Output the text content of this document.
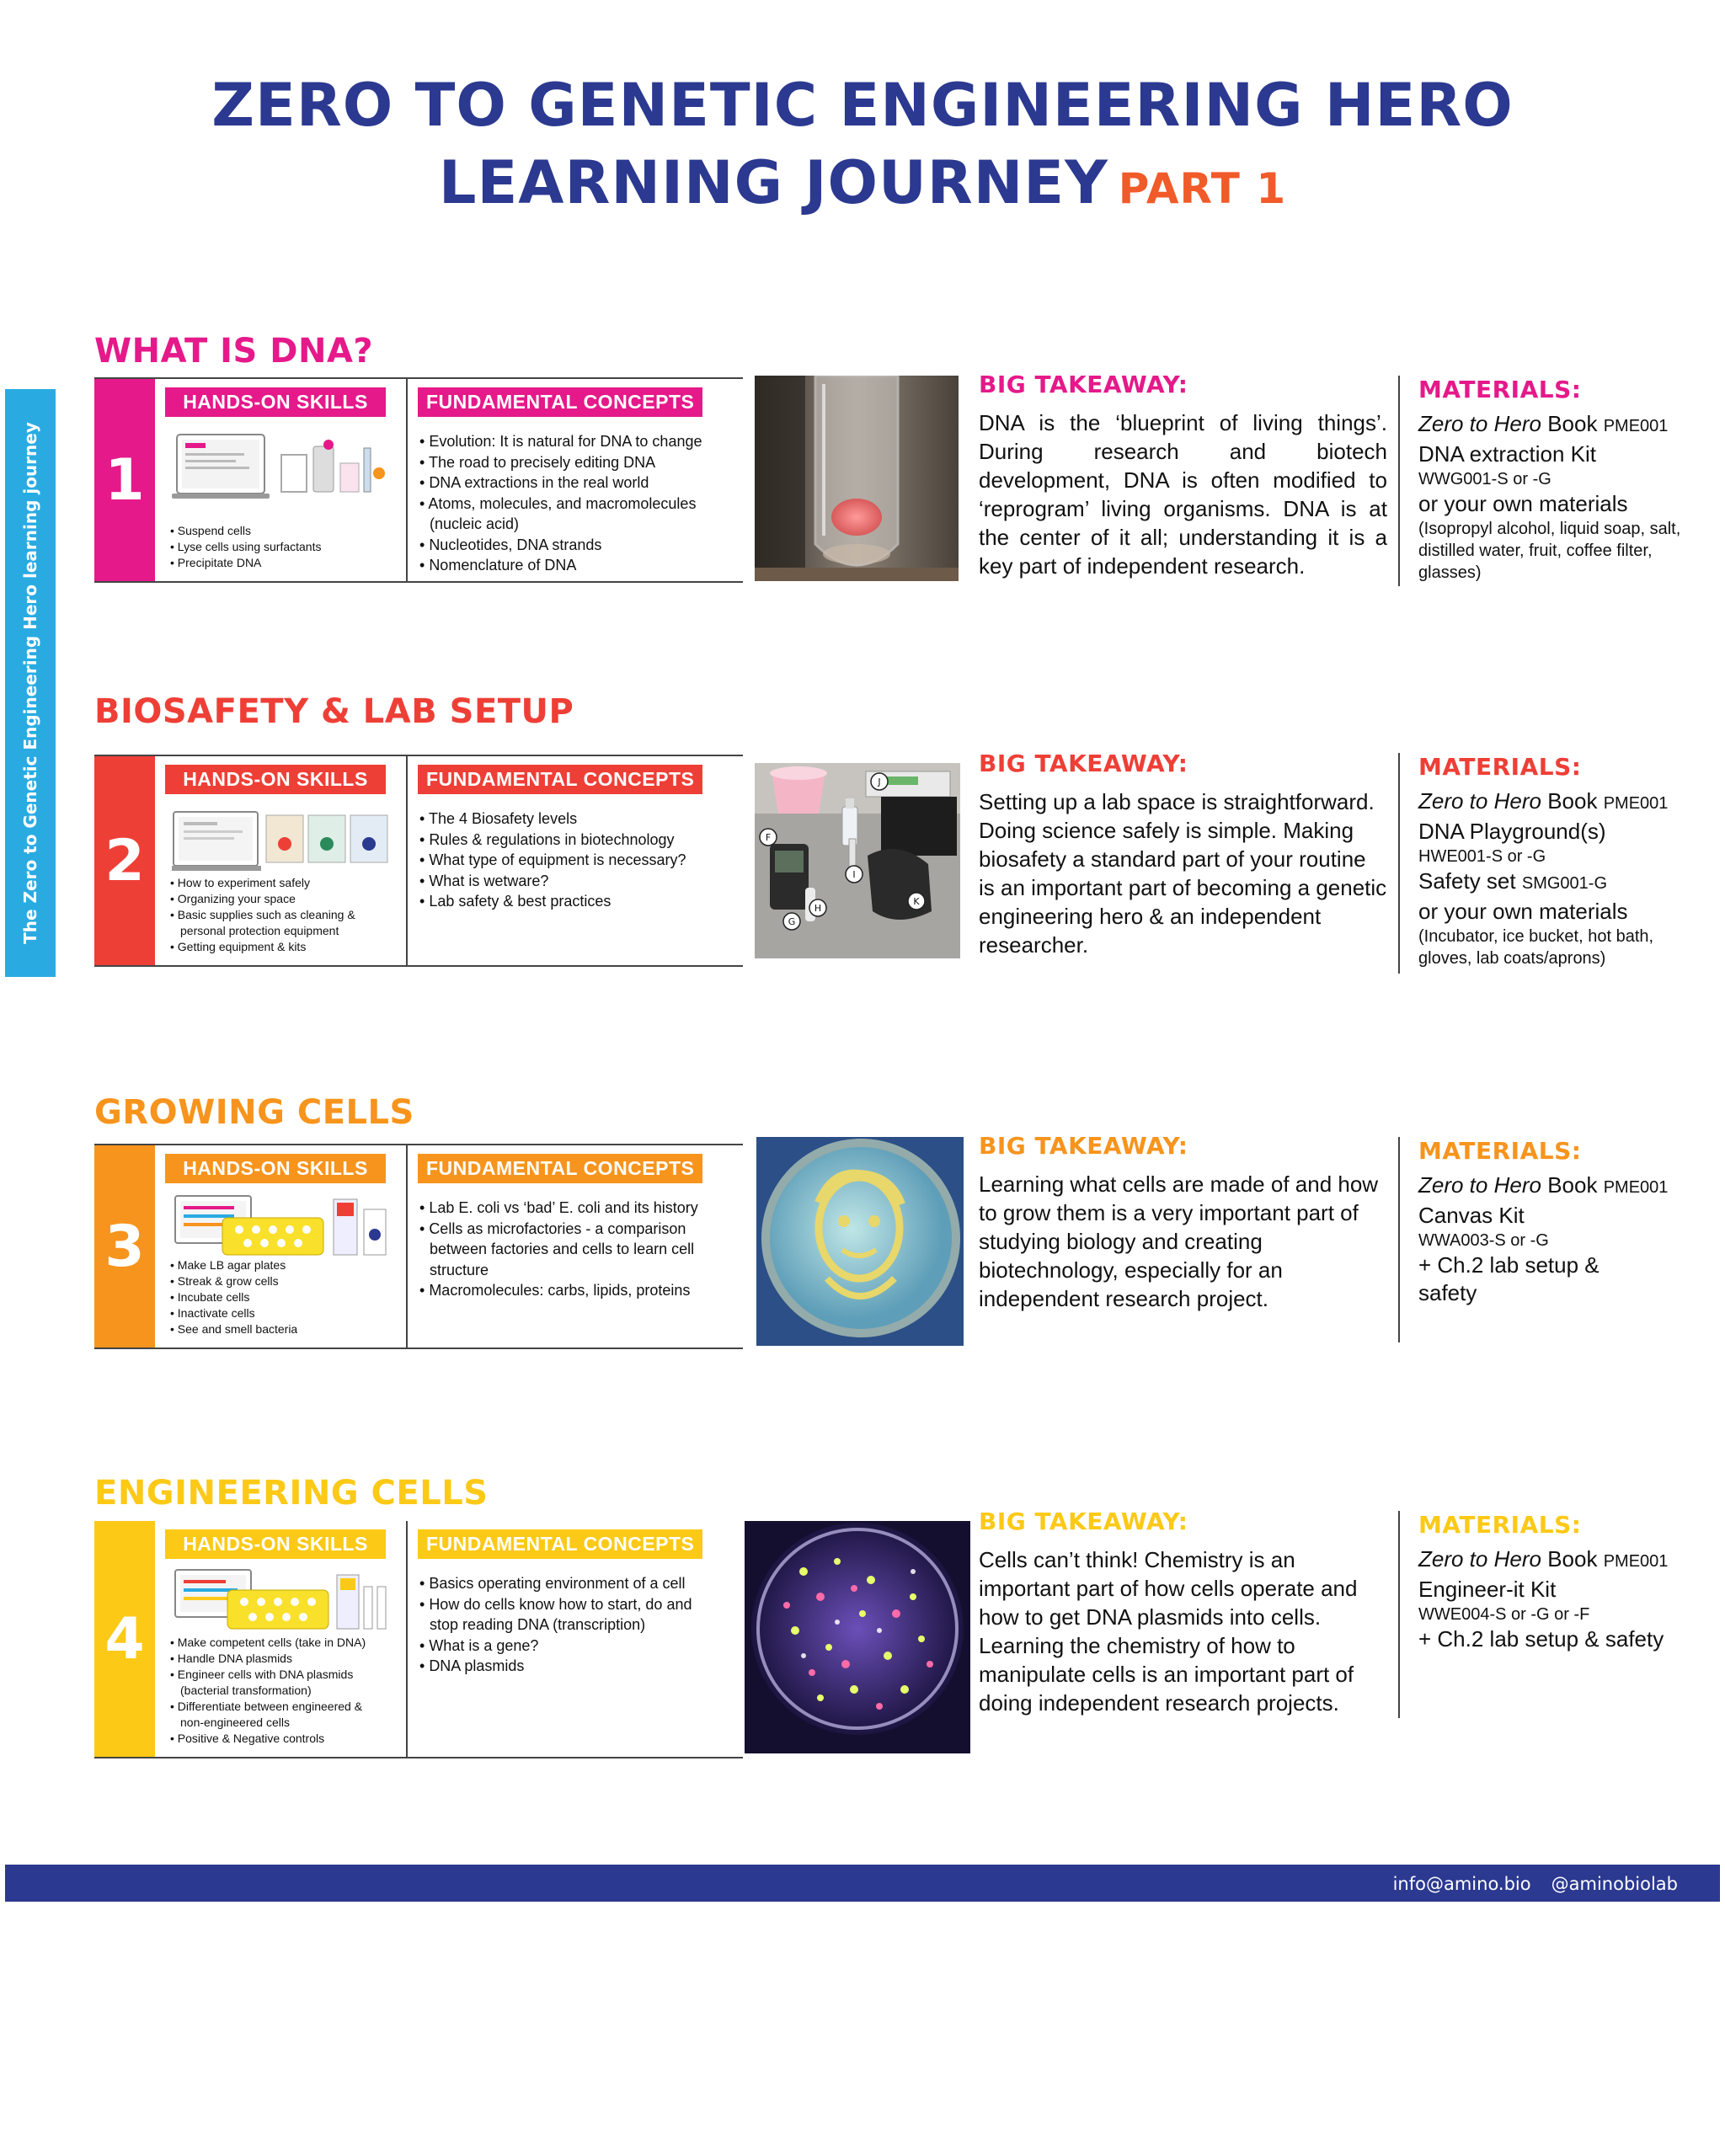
ZERO TO GENETIC ENGINEERING HERO
LEARNING JOURNEY PART 1
The Zero to Genetic Engineering Hero learning journey
WHAT IS DNA?
1
HANDS-ON SKILLS
• Suspend cells
• Lyse cells using surfactants
• Precipitate DNA
FUNDAMENTAL CONCEPTS
• Evolution: It is natural for DNA to change
• The road to precisely editing DNA
• DNA extractions in the real world
• Atoms, molecules, and macromolecules
(nucleic acid)
• Nucleotides, DNA strands
• Nomenclature of DNA
BIG TAKEAWAY:
DNA is the ‘blueprint of living things’. During research and biotech development, DNA is often modified to ‘reprogram’ living organisms. DNA is at the center of it all; understanding it is a key part of independent research.
MATERIALS:
Zero to Hero Book PME001
DNA extraction Kit
WWG001-S or -G
or your own materials
(Isopropyl alcohol, liquid soap, salt, distilled water, fruit, coffee filter, glasses)
BIOSAFETY & LAB SETUP
2
HANDS-ON SKILLS
• How to experiment safely
• Organizing your space
• Basic supplies such as cleaning &
personal protection equipment
• Getting equipment & kits
FUNDAMENTAL CONCEPTS
• The 4 Biosafety levels
• Rules & regulations in biotechnology
• What type of equipment is necessary?
• What is wetware?
• Lab safety & best practices
F
J
I
H
G
K
BIG TAKEAWAY:
Setting up a lab space is straightforward. Doing science safely is simple. Making biosafety a standard part of your routine is an important part of becoming a genetic engineering hero & an independent researcher.
MATERIALS:
Zero to Hero Book PME001
DNA Playground(s)
HWE001-S or -G
Safety set SMG001-G
or your own materials
(Incubator, ice bucket, hot bath, gloves, lab coats/aprons)
GROWING CELLS
3
HANDS-ON SKILLS
• Make LB agar plates
• Streak & grow cells
• Incubate cells
• Inactivate cells
• See and smell bacteria
FUNDAMENTAL CONCEPTS
• Lab E. coli vs ‘bad’ E. coli and its history
• Cells as microfactories - a comparison
between factories and cells to learn cell
structure
• Macromolecules: carbs, lipids, proteins
BIG TAKEAWAY:
Learning what cells are made of and how to grow them is a very important part of studying biology and creating biotechnology, especially for an independent research project.
MATERIALS:
Zero to Hero Book PME001
Canvas Kit
WWA003-S or -G
+ Ch.2 lab setup & safety
ENGINEERING CELLS
4
HANDS-ON SKILLS
• Make competent cells (take in DNA)
• Handle DNA plasmids
• Engineer cells with DNA plasmids
(bacterial transformation)
• Differentiate between engineered &
non-engineered cells
• Positive & Negative controls
FUNDAMENTAL CONCEPTS
• Basics operating environment of a cell
• How do cells know how to start, do and
stop reading DNA (transcription)
• What is a gene?
• DNA plasmids
BIG TAKEAWAY:
Cells can’t think! Chemistry is an important part of how cells operate and how to get DNA plasmids into cells. Learning the chemistry of how to manipulate cells is an important part of doing independent research projects.
MATERIALS:
Zero to Hero Book PME001
Engineer-it Kit
WWE004-S or -G or -F
+ Ch.2 lab setup & safety
info@amino.bio @aminobiolab
